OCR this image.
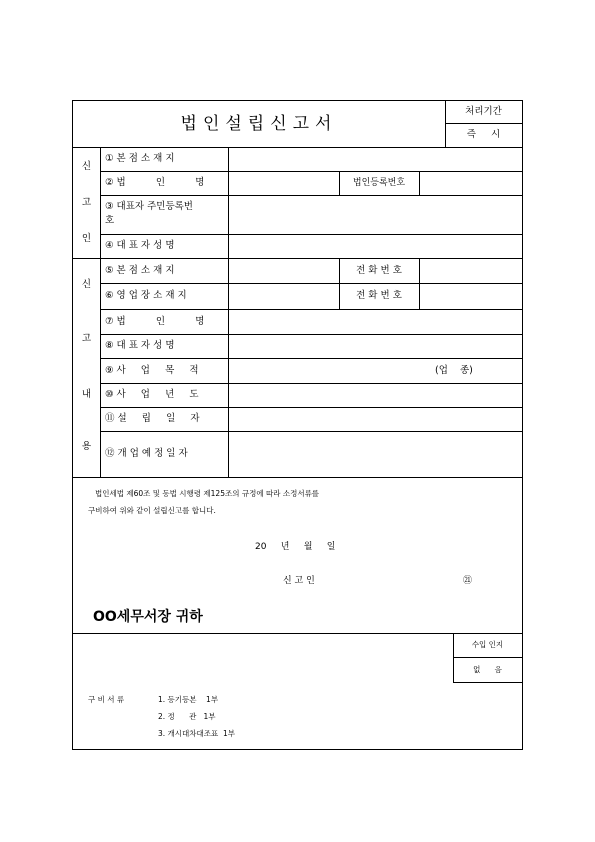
법인설립신고서
처리기간
즉     시
신
고
인
① 본 점 소 재 지
② 법          인          명	법인등록번호
③ 대표자 주민등록번
호
④ 대 표 자 성 명
신
고
내
용
⑤ 본 점 소 재 지	전 화 번 호
⑥ 영 업 장 소 재 지	전 화 번 호
⑦ 법          인          명
⑧ 대 표 자 성 명
⑨ 사     업     목     적	(업    종)
⑩ 사     업     년     도
⑪ 설     립     일     자
⑫ 개 업 예 정 일 자
법인세법 제60조 및 동법 시행령 제125조의 규정에 따라 소정서류를
구비하여 위와 같이 설립신고를 합니다.
20     년     월     일
신 고 인	㉑
OO세무서장 귀하
수입 인지
없      음
구 비 서 류	1. 등기등본    1부
2. 정      관   1부
3. 개시대차대조표  1부
